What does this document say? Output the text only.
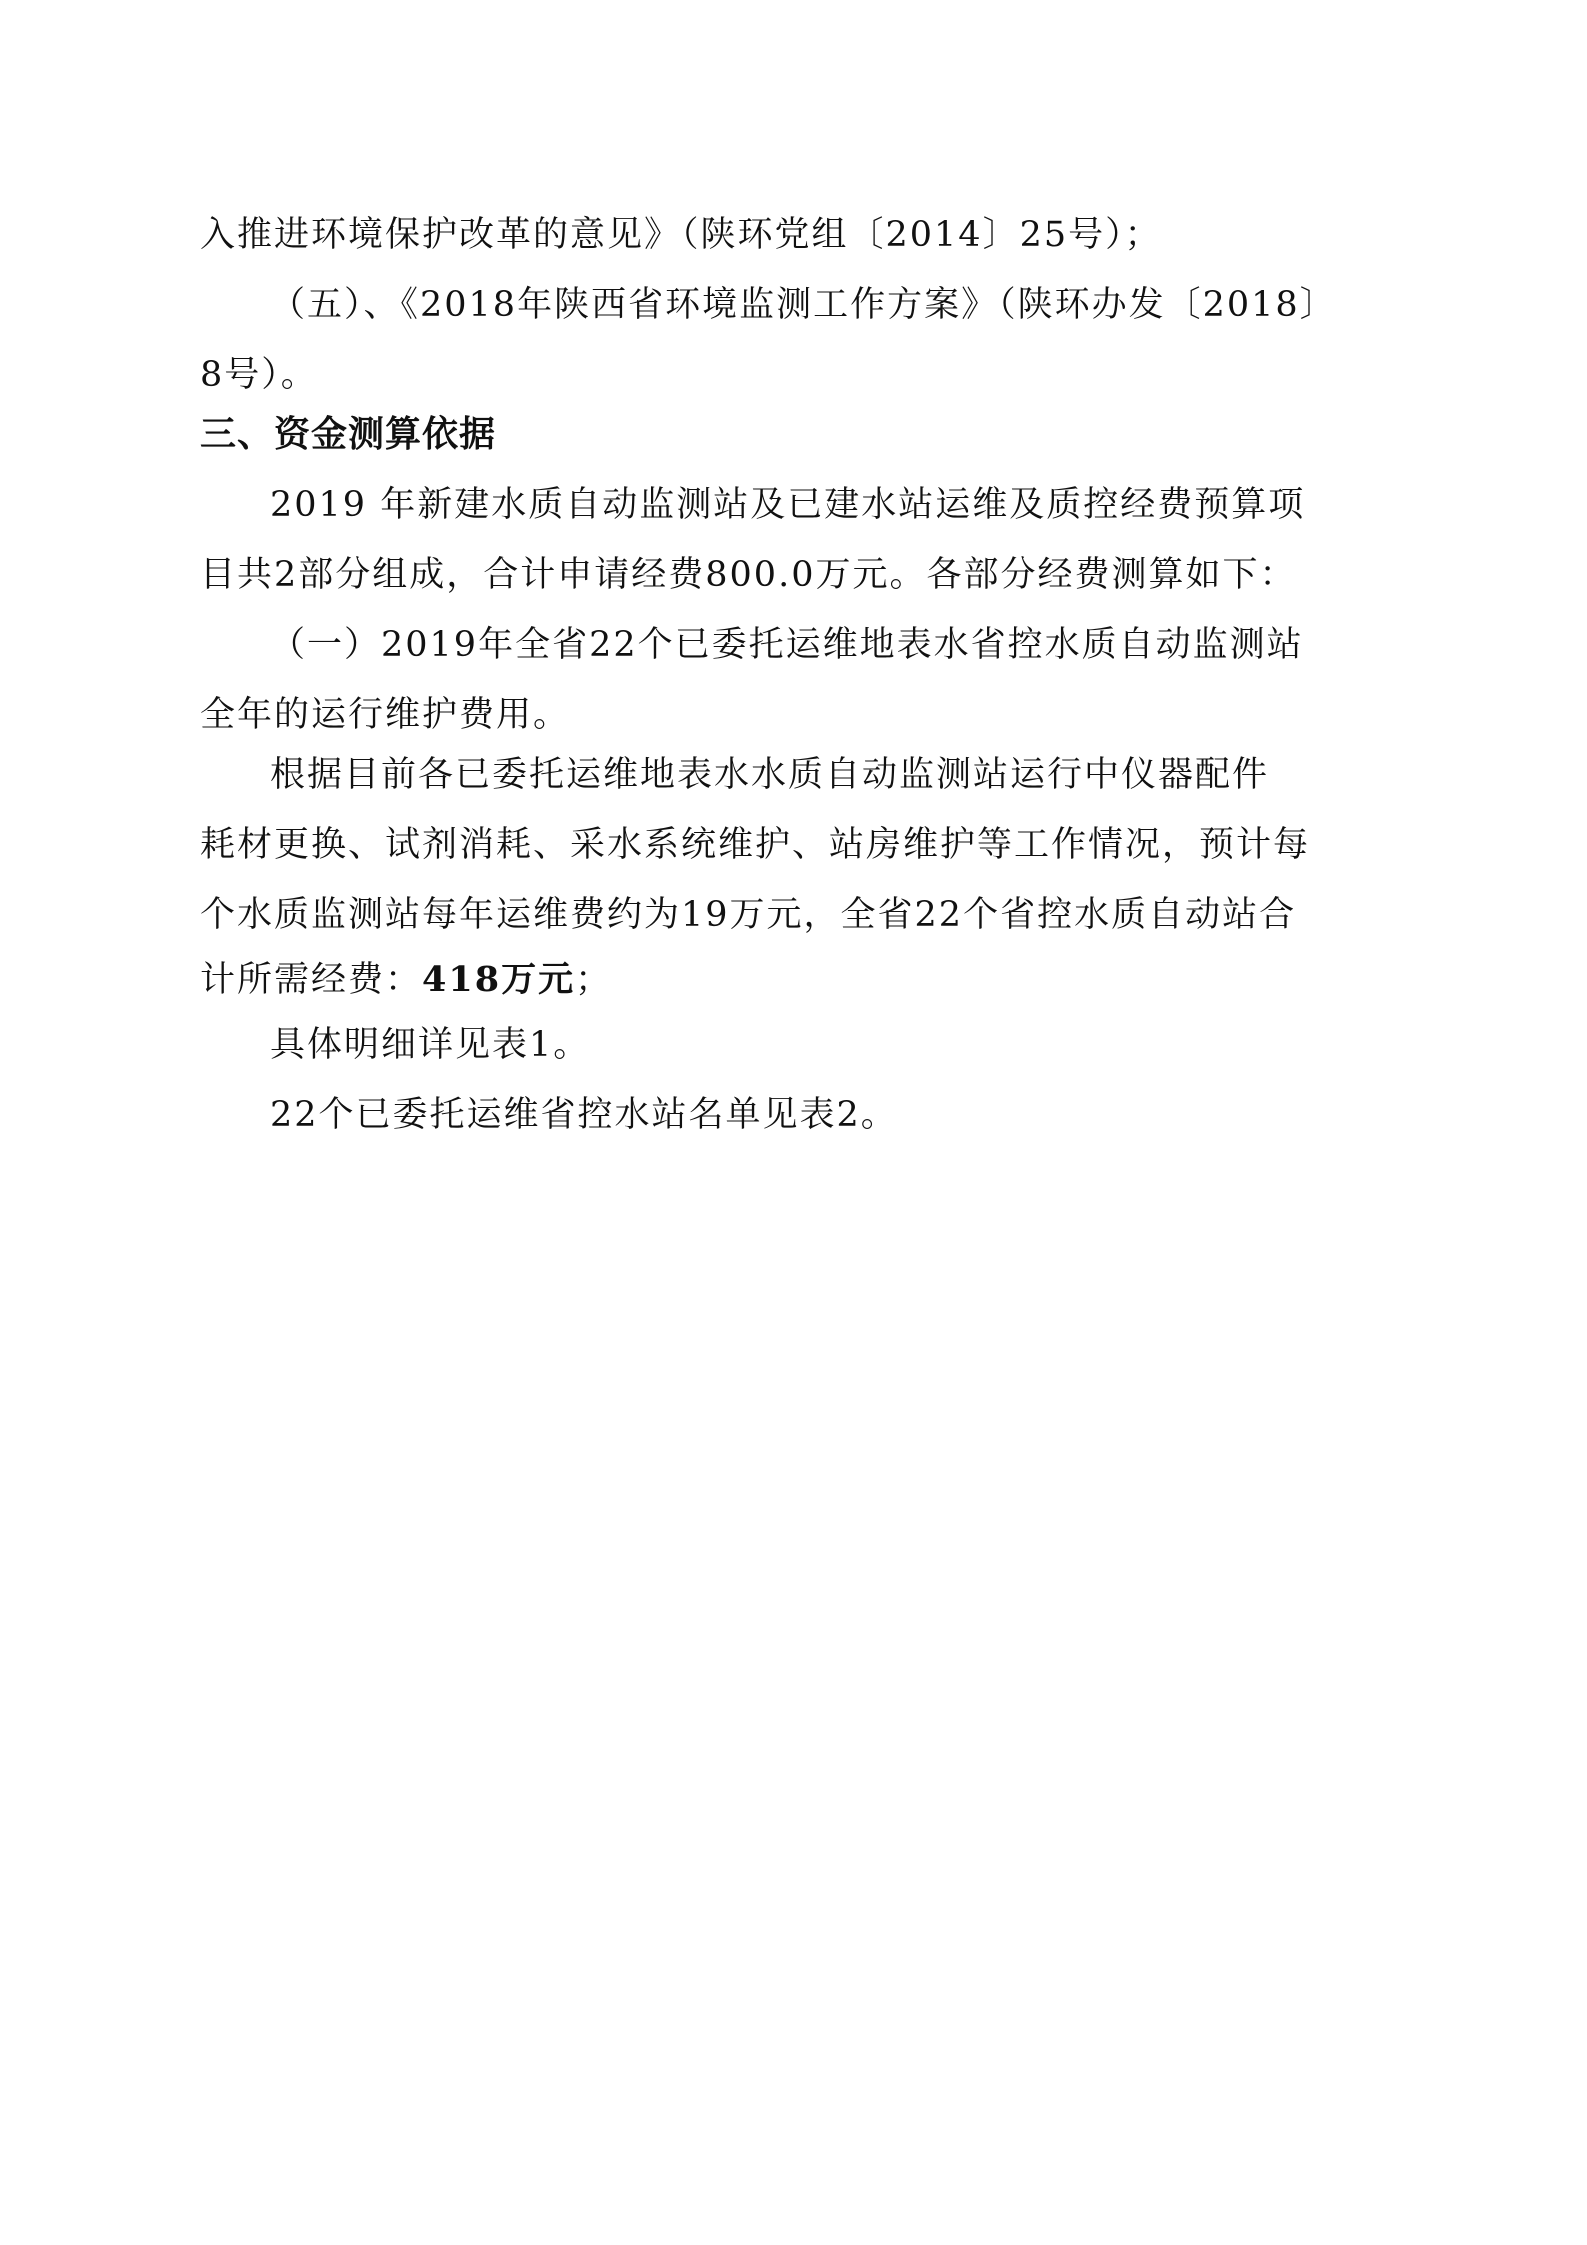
入推进环境保护改革的意见》（陕环党组〔2014〕25号）；
（五）、《2018年陕西省环境监测工作方案》（陕环办发〔2018〕
8号）。
三、资金测算依据
2019 年新建水质自动监测站及已建水站运维及质控经费预算项
目共2部分组成，合计申请经费800.0万元。各部分经费测算如下：
（一）2019年全省22个已委托运维地表水省控水质自动监测站
全年的运行维护费用。
根据目前各已委托运维地表水水质自动监测站运行中仪器配件
耗材更换、试剂消耗、采水系统维护、站房维护等工作情况，预计每
个水质监测站每年运维费约为19万元，全省22个省控水质自动站合
计所需经费：418万元；
具体明细详见表1。
22个已委托运维省控水站名单见表2。
